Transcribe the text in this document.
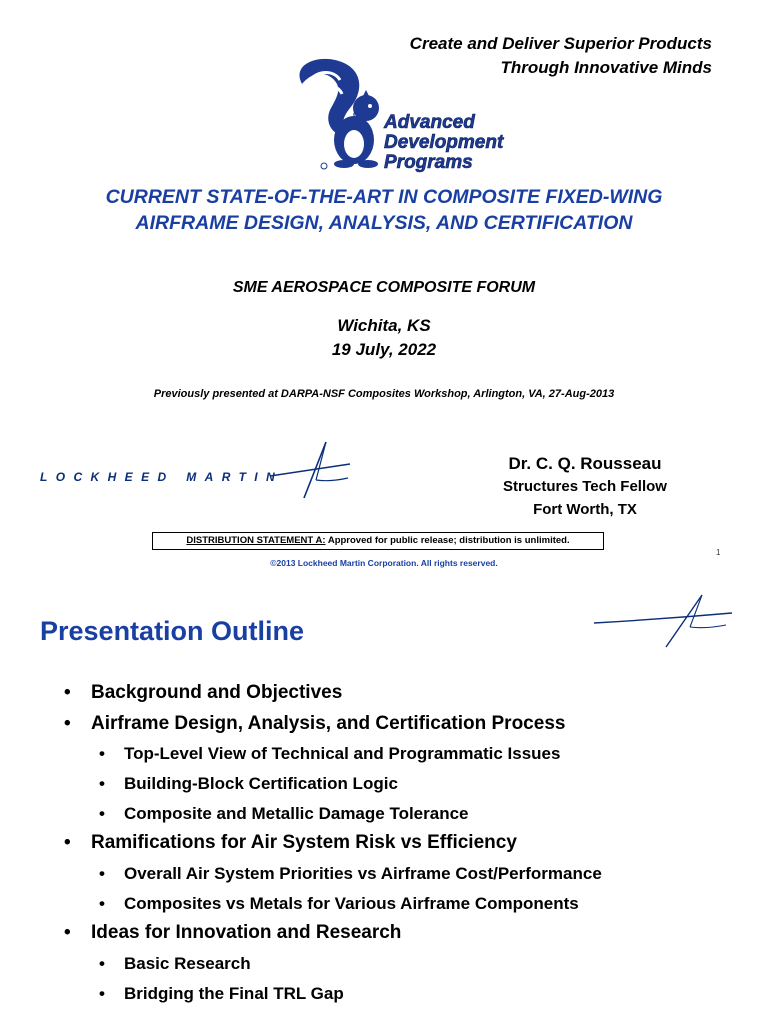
Create and Deliver Superior Products
Through Innovative Minds
G Advanced
Development
Programs
CURRENT STATE-OF-THE-ART IN COMPOSITE FIXED-WING
AIRFRAME DESIGN, ANALYSIS, AND CERTIFICATION
SME AEROSPACE COMPOSITE FORUM
Wichita, KS
19 July, 2022
Previously presented at DARPA-NSF Composites Workshop, Arlington, VA, 27-Aug-2013
LOCKHEED MARTIN
Dr. C. Q. Rousseau
Structures Tech Fellow
Fort Worth, TX
DISTRIBUTION STATEMENT A: Approved for public release; distribution is unlimited.
©2013 Lockheed Martin Corporation. All rights reserved.
1
Presentation Outline
• Background and Objectives
• Airframe Design, Analysis, and Certification Process
• Top-Level View of Technical and Programmatic Issues
• Building-Block Certification Logic
• Composite and Metallic Damage Tolerance
• Ramifications for Air System Risk vs Efficiency
• Overall Air System Priorities vs Airframe Cost/Performance
• Composites vs Metals for Various Airframe Components
• Ideas for Innovation and Research
• Basic Research
• Bridging the Final TRL Gap
